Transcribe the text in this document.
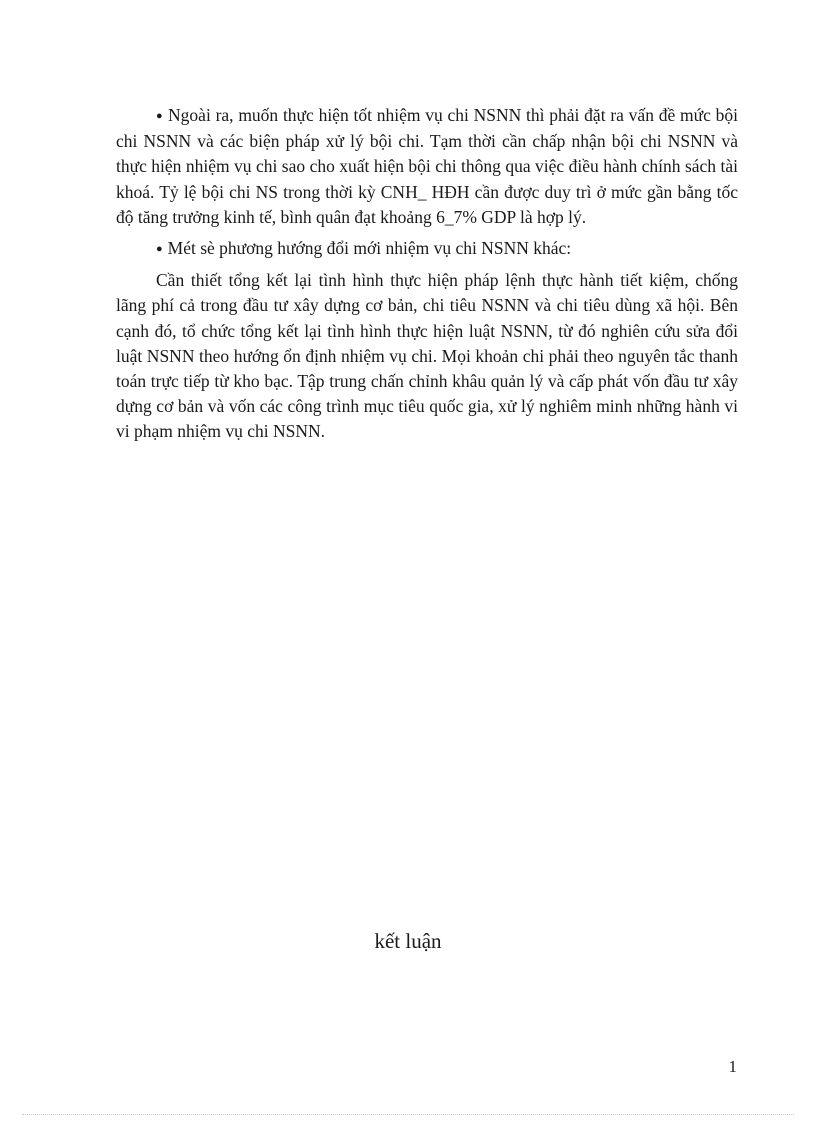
● Ngoài ra, muốn thực hiện tốt nhiệm vụ chi NSNN thì phải đặt ra vấn đề mức bội chi NSNN và các biện pháp xử lý bội chi. Tạm thời cần chấp nhận bội chi NSNN và thực hiện nhiệm vụ chi sao cho xuất hiện bội chi thông qua việc điều hành chính sách tài khoá. Tỷ lệ bội chi NS trong thời kỳ CNH_ HĐH cần được duy trì ở mức gần bằng tốc độ tăng trưởng kinh tế, bình quân đạt khoảng 6_7% GDP là hợp lý.

● Mét sè phương hướng đổi mới nhiệm vụ chi NSNN khác:

Cần thiết tổng kết lại tình hình thực hiện pháp lệnh thực hành tiết kiệm, chống lãng phí cả trong đầu tư xây dựng cơ bản, chi tiêu NSNN và chi tiêu dùng xã hội. Bên cạnh đó, tổ chức tổng kết lại tình hình thực hiện luật NSNN, từ đó nghiên cứu sửa đổi luật NSNN theo hướng ổn định nhiệm vụ chi. Mọi khoản chi phải theo nguyên tắc thanh toán trực tiếp từ kho bạc. Tập trung chấn chỉnh khâu quản lý và cấp phát vốn đầu tư xây dựng cơ bản và vốn các công trình mục tiêu quốc gia, xử lý nghiêm minh những hành vi vi phạm nhiệm vụ chi NSNN.

kết luận
1
